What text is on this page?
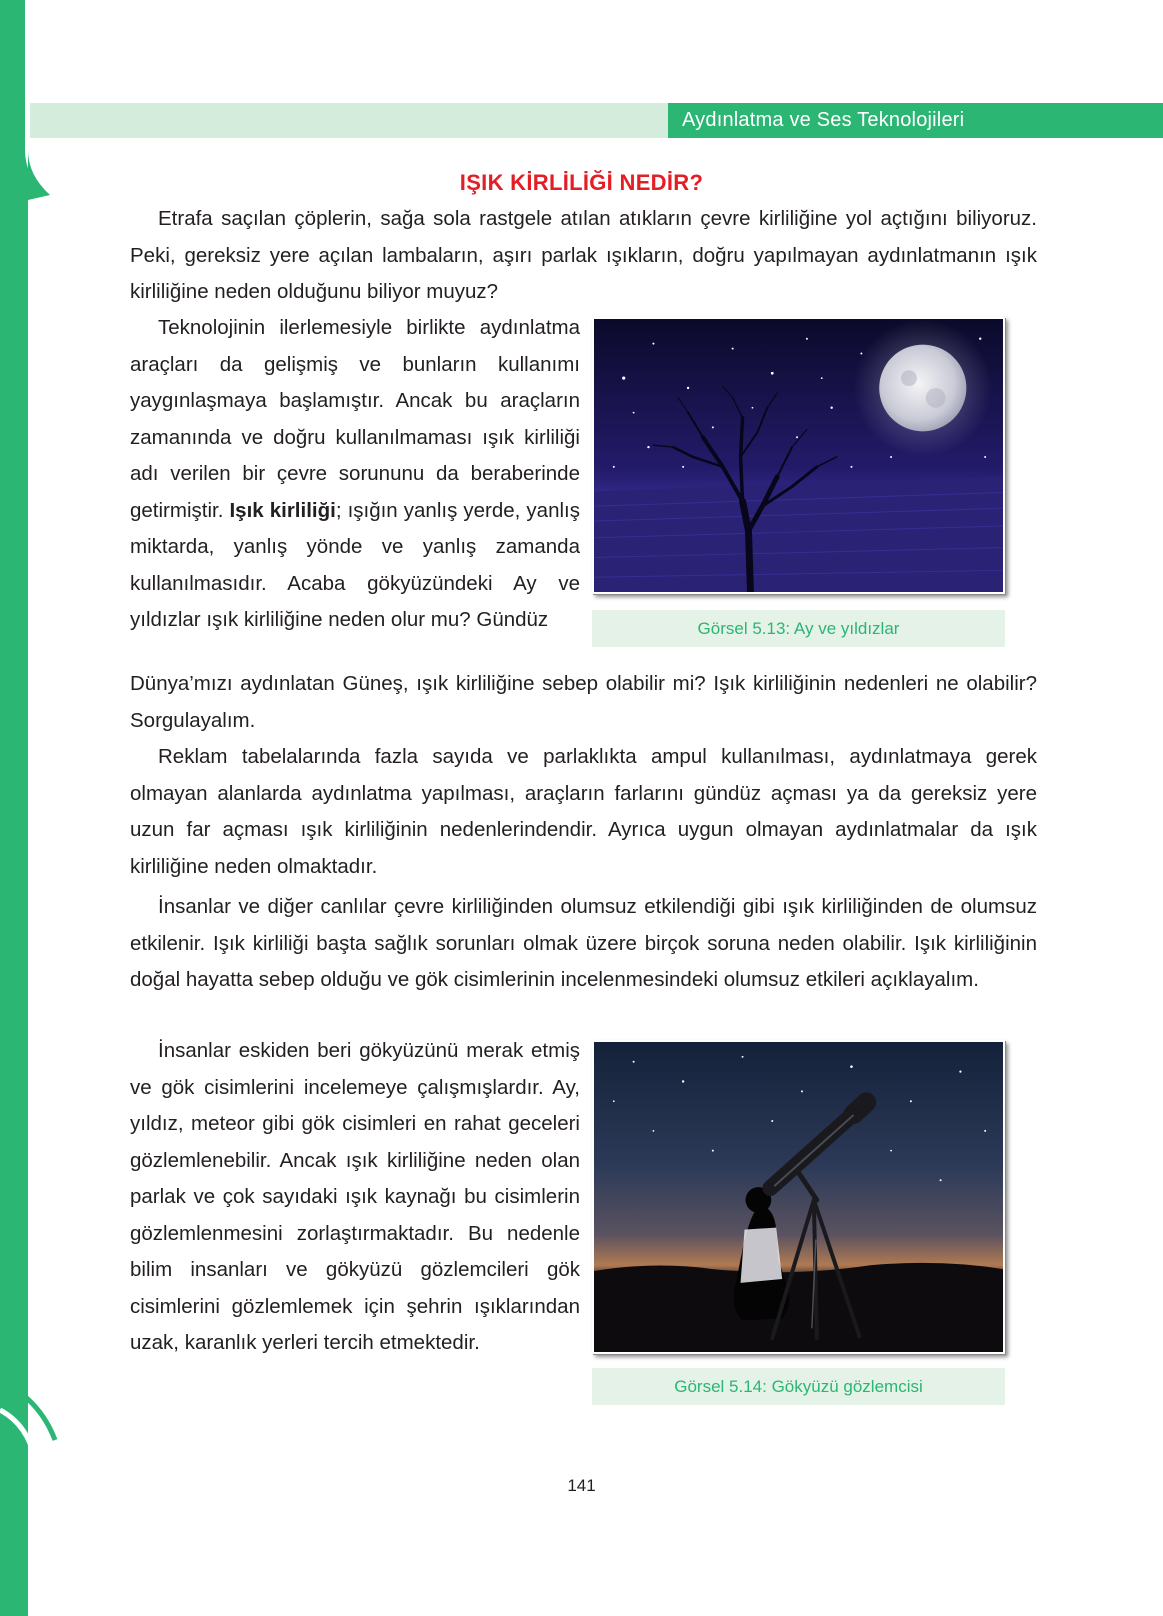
Aydınlatma ve Ses Teknolojileri
IŞIK KİRLİLİĞİ NEDİR?

Etrafa saçılan çöplerin, sağa sola rastgele atılan atıkların çevre kirliliğine yol açtığını biliyoruz. Peki, gereksiz yere açılan lambaların, aşırı parlak ışıkların, doğru yapılmayan aydınlatmanın ışık kirliliğine neden olduğunu biliyor muyuz?

Teknolojinin ilerlemesiyle birlikte aydınlatma araçları da gelişmiş ve bunların kullanımı yaygınlaşmaya başlamıştır. Ancak bu araçların zamanında ve doğru kullanılmaması ışık kirliliği adı verilen bir çevre sorununu da beraberinde getirmiştir. Işık kirliliği; ışığın yanlış yerde, yanlış miktarda, yanlış yönde ve yanlış zamanda kullanılmasıdır. Acaba gökyüzündeki Ay ve yıldızlar ışık kirliliğine neden olur mu? Gündüz

Dünya’mızı aydınlatan Güneş, ışık kirliliğine sebep olabilir mi? Işık kirliliğinin nedenleri ne olabilir? Sorgulayalım.

Reklam tabelalarında fazla sayıda ve parlaklıkta ampul kullanılması, aydınlatmaya gerek olmayan alanlarda aydınlatma yapılması, araçların farlarını gündüz açması ya da gereksiz yere uzun far açması ışık kirliliğinin nedenlerindendir. Ayrıca uygun olmayan aydınlatmalar da ışık kirliliğine neden olmaktadır.

İnsanlar ve diğer canlılar çevre kirliliğinden olumsuz etkilendiği gibi ışık kirliliğinden de olumsuz etkilenir. Işık kirliliği başta sağlık sorunları olmak üzere birçok soruna neden olabilir. Işık kirliliğinin doğal hayatta sebep olduğu ve gök cisimlerinin incelenmesindeki olumsuz etkileri açıklayalım.

İnsanlar eskiden beri gökyüzünü merak etmiş ve gök cisimlerini incelemeye çalışmışlardır. Ay, yıldız, meteor gibi gök cisimleri en rahat geceleri gözlemlenebilir. Ancak ışık kirliliğine neden olan parlak ve çok sayıdaki ışık kaynağı bu cisimlerin gözlemlenmesini zorlaştırmaktadır. Bu nedenle bilim insanları ve gökyüzü gözlemcileri gök cisimlerini gözlemlemek için şehrin ışıklarından uzak, karanlık yerleri tercih etmektedir.

Görsel 5.13: Ay ve yıldızlar
Görsel 5.14: Gökyüzü gözlemcisi
141
